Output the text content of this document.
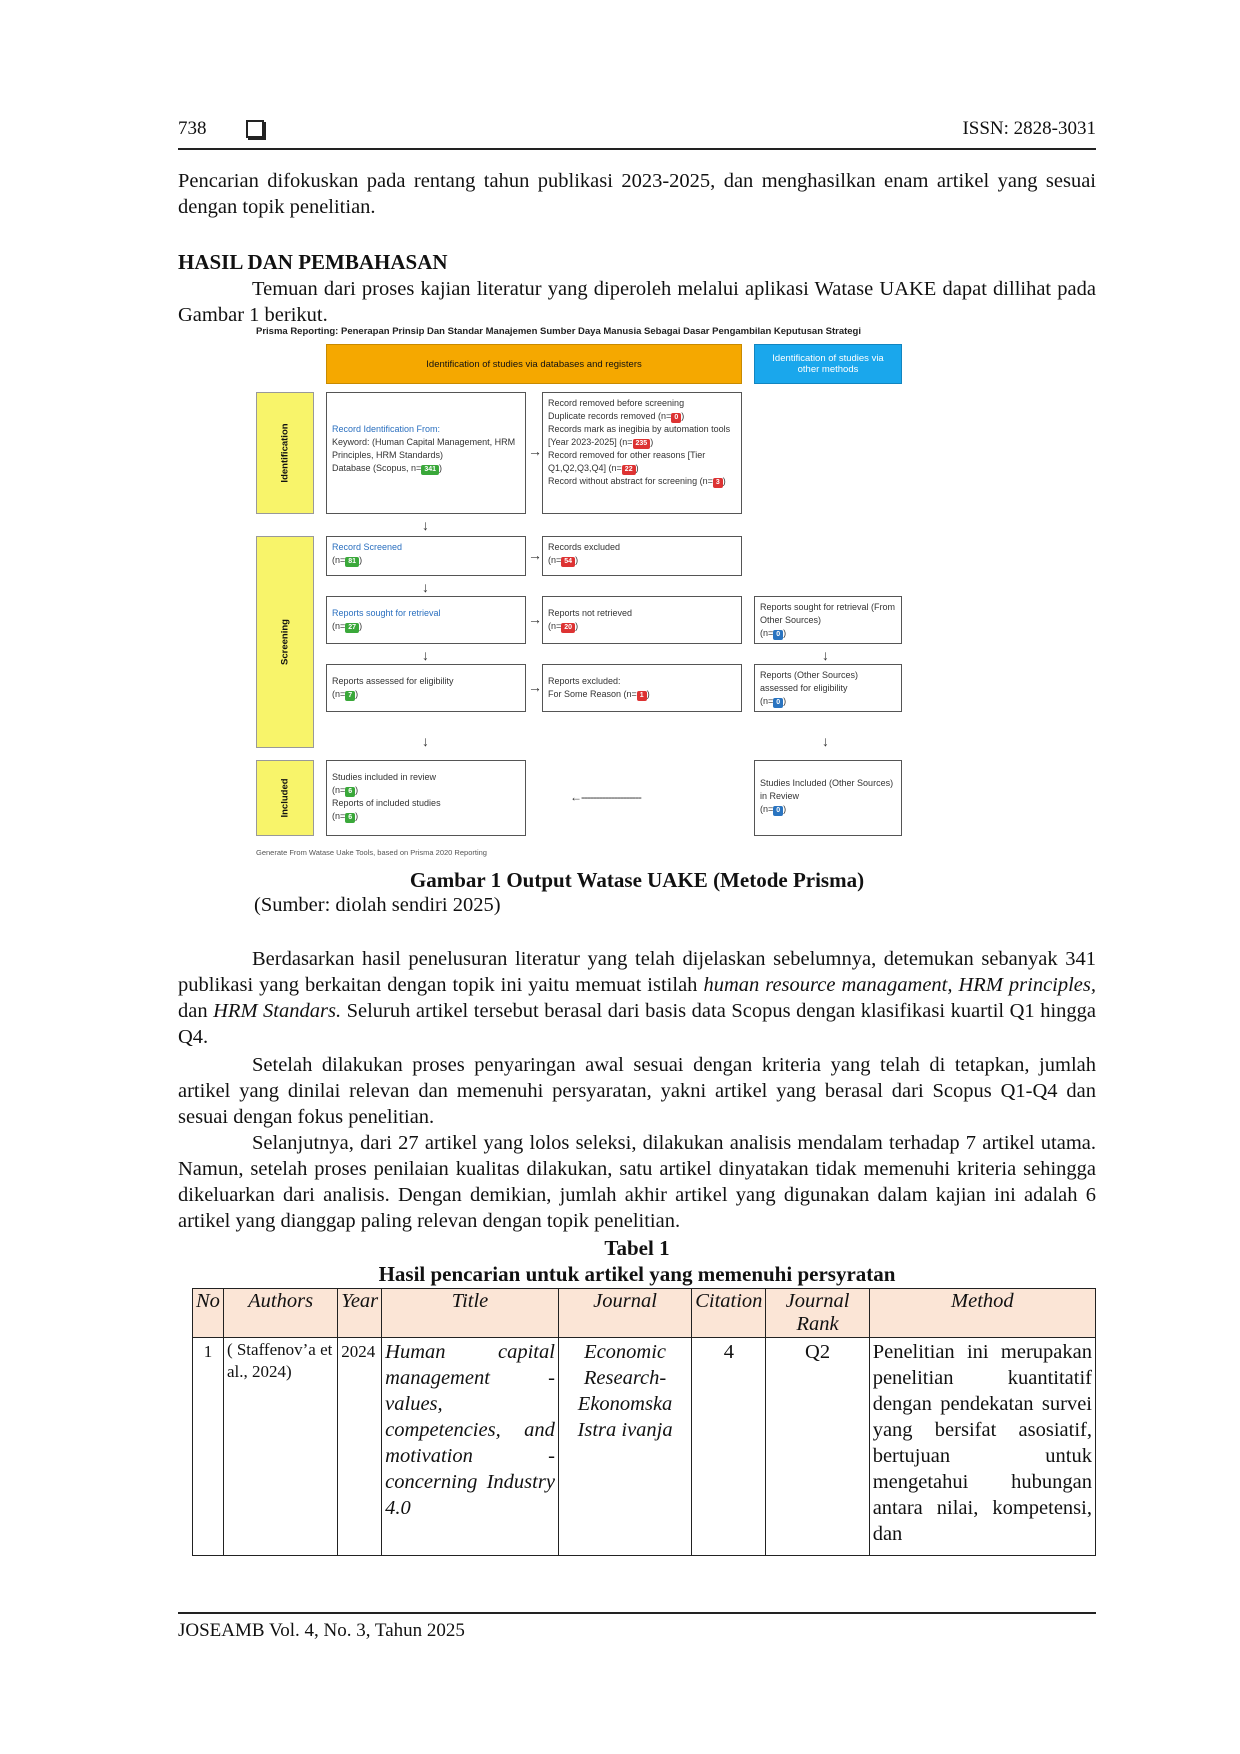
738	ISSN: 2828-3031

Pencarian difokuskan pada rentang tahun publikasi 2023-2025, dan menghasilkan enam artikel yang sesuai dengan topik penelitian.

HASIL DAN PEMBAHASAN

Temuan dari proses kajian literatur yang diperoleh melalui aplikasi Watase UAKE dapat dillihat pada Gambar 1 berikut.

Prisma Reporting: Penerapan Prinsip Dan Standar Manajemen Sumber Daya Manusia Sebagai Dasar Pengambilan Keputusan Strategi
Identification of studies via databases and registers	Identification of studies via other methods
Identification
Screening
Included
Record Identification From:
Keyword: (Human Capital Management, HRM Principles, HRM Standards)
Database (Scopus, n= 341 )
→
Record removed before screening
Duplicate records removed (n= 0 )
Records mark as inegibia by automation tools [Year 2023-2025] (n= 235 )
Record removed for other reasons [Tier Q1,Q2,Q3,Q4] (n= 22 )
Record without abstract for screening (n= 3 )
↓
Record Screened
(n= 81 )	→ Records excluded
(n= 54 )
↓
Reports sought for retrieval
(n= 27 )	→ Reports not retrieved
(n= 20 )
Reports sought for retrieval (From Other Sources)
(n= 0 )
↓	↓
Reports assessed for eligibility
(n= 7 )	→ Reports excluded:
For Some Reason (n= 1 )
Reports (Other Sources) assessed for eligibility
(n= 0 )
↓	↓
Studies included in review
(n= 6 )
Reports of included studies
(n= 6 )
←--------------------
Studies Included (Other Sources) in Review
(n= 0 )
Generate From Watase Uake Tools, based on Prisma 2020 Reporting
Gambar 1 Output Watase UAKE (Metode Prisma)
(Sumber: diolah sendiri 2025)

Berdasarkan hasil penelusuran literatur yang telah dijelaskan sebelumnya, detemukan sebanyak 341 publikasi yang berkaitan dengan topik ini yaitu memuat istilah human resource managament, HRM principles, dan HRM Standars. Seluruh artikel tersebut berasal dari basis data Scopus dengan klasifikasi kuartil Q1 hingga Q4.

Setelah dilakukan proses penyaringan awal sesuai dengan kriteria yang telah di tetapkan, jumlah artikel yang dinilai relevan dan memenuhi persyaratan, yakni artikel yang berasal dari Scopus Q1-Q4 dan sesuai dengan fokus penelitian.

Selanjutnya, dari 27 artikel yang lolos seleksi, dilakukan analisis mendalam terhadap 7 artikel utama. Namun, setelah proses penilaian kualitas dilakukan, satu artikel dinyatakan tidak memenuhi kriteria sehingga dikeluarkan dari analisis. Dengan demikian, jumlah akhir artikel yang digunakan dalam kajian ini adalah 6 artikel yang dianggap paling relevan dengan topik penelitian.

Tabel 1
Hasil pencarian untuk artikel yang memenuhi persyratan
No	Authors	Year	Title	Journal	Citation	Journal Rank	Method
1	( Staffenov’a et al., 2024)	2024	Human capital management - values, competencies, and motivation - concerning Industry 4.0	Economic Research-Ekonomska Istra ivanja	4	Q2	Penelitian ini merupakan penelitian kuantitatif dengan pendekatan survei yang bersifat asosiatif, bertujuan untuk mengetahui hubungan antara nilai, kompetensi, dan
JOSEAMB Vol. 4, No. 3, Tahun 2025
